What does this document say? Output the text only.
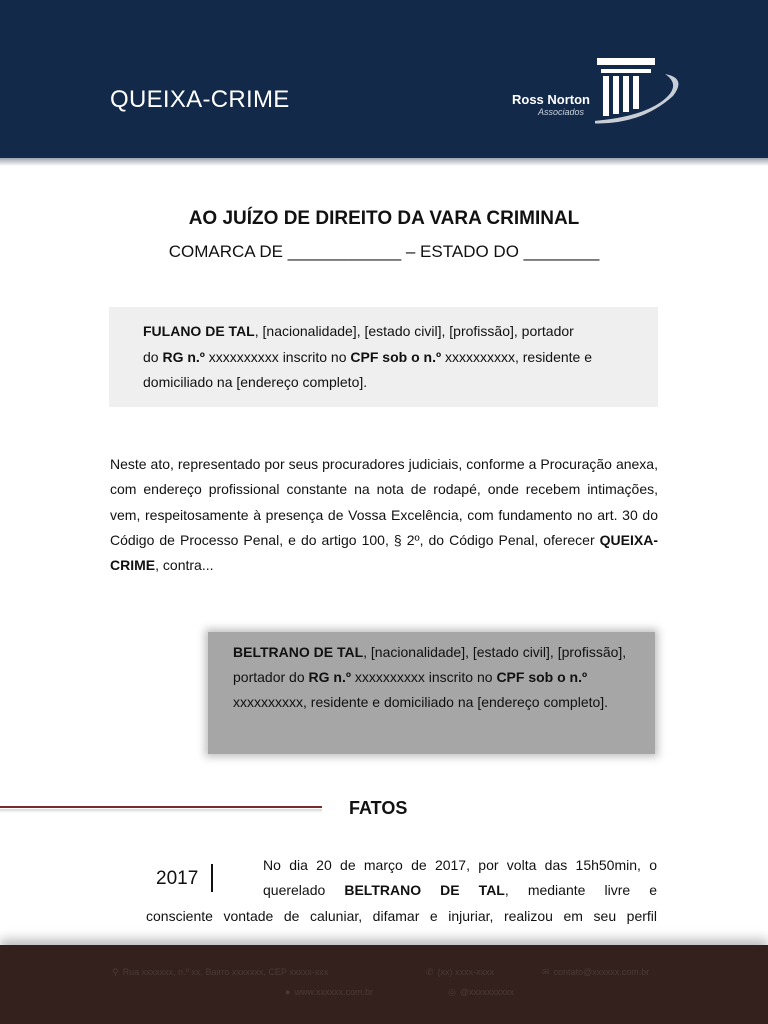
QUEIXA-CRIME	Ross Norton
Associados
AO JUÍZO DE DIREITO DA VARA CRIMINAL
COMARCA DE ____________ – ESTADO DO ________

FULANO DE TAL, [nacionalidade], [estado civil], [profissão], portador do RG n.º xxxxxxxxxx inscrito no CPF sob o n.º xxxxxxxxxx, residente e domiciliado na [endereço completo].

Neste ato, representado por seus procuradores judiciais, conforme a Procuração anexa, com endereço profissional constante na nota de rodapé, onde recebem intimações, vem, respeitosamente à presença de Vossa Excelência, com fundamento no art. 30 do Código de Processo Penal, e do artigo 100, § 2º, do Código Penal, oferecer QUEIXA-CRIME, contra...

BELTRANO DE TAL, [nacionalidade], [estado civil], [profissão], portador do RG n.º xxxxxxxxxx inscrito no CPF sob o n.º xxxxxxxxxx, residente e domiciliado na [endereço completo].

FATOS
2017

No dia 20 de março de 2017, por volta das 15h50min, o querelado BELTRANO DE TAL, mediante livre e

consciente vontade de caluniar, difamar e injuriar, realizou em seu perfil

⚲ Rua xxxxxxx, n.º xx, Bairro xxxxxxx, CEP xxxxx-xxx	✆ (xx) xxxx-xxxx	✉ contato@xxxxxx.com.br
● www.xxxxxx.com.br	◎ @xxxxxxxxxx
